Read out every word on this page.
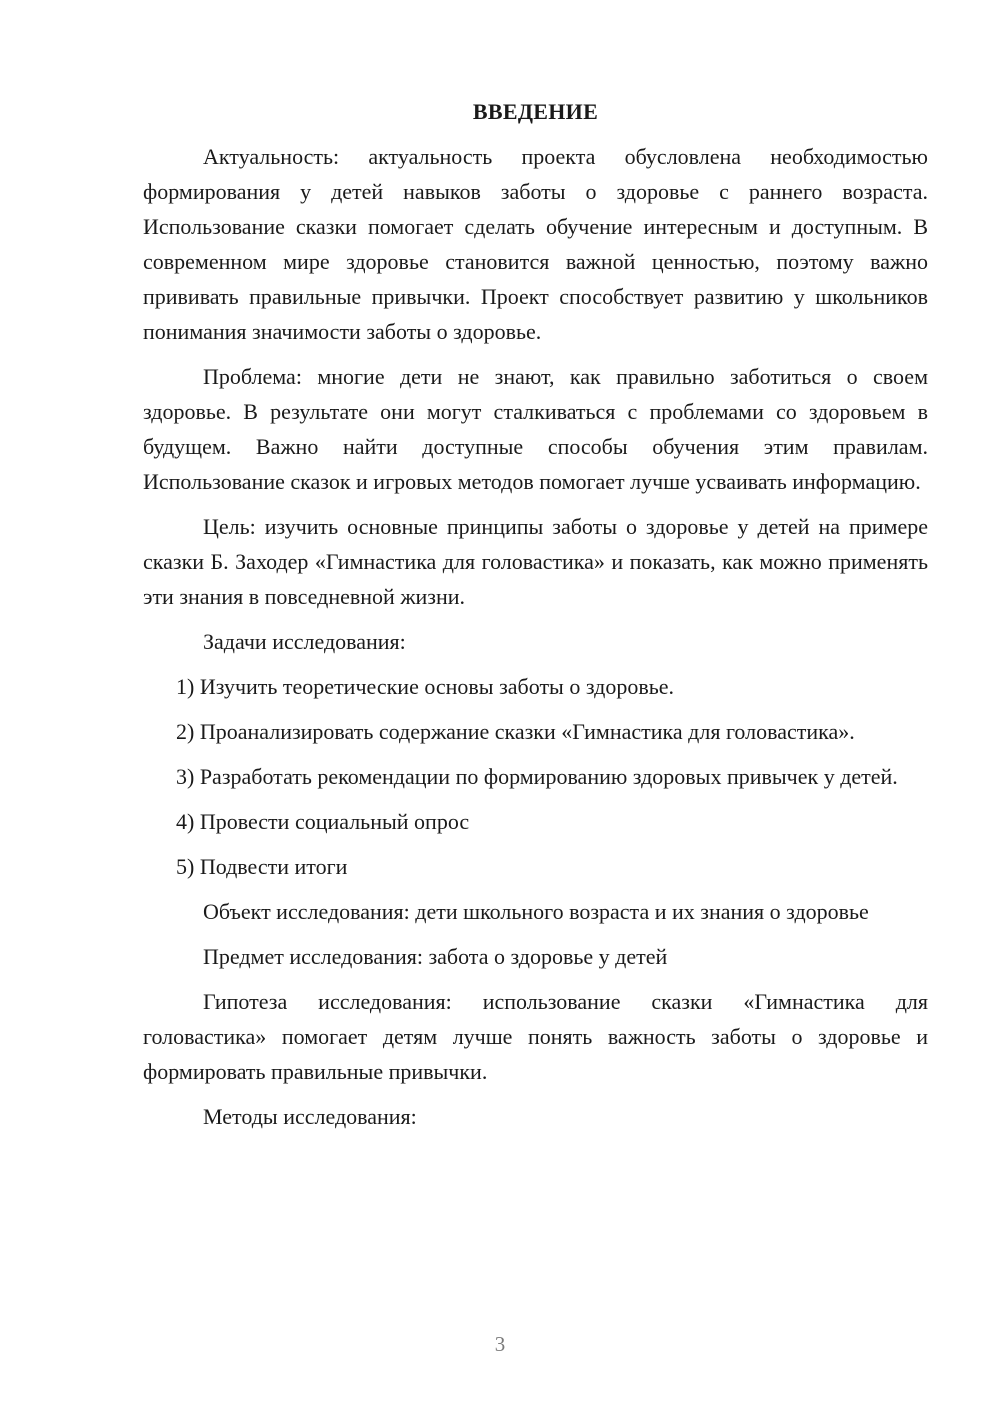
ВВЕДЕНИЕ

Актуальность: актуальность проекта обусловлена необходимостью формирования у детей навыков заботы о здоровье с раннего возраста. Использование сказки помогает сделать обучение интересным и доступным. В современном мире здоровье становится важной ценностью, поэтому важно прививать правильные привычки. Проект способствует развитию у школьников понимания значимости заботы о здоровье.

Проблема: многие дети не знают, как правильно заботиться о своем здоровье. В результате они могут сталкиваться с проблемами со здоровьем в будущем. Важно найти доступные способы обучения этим правилам. Использование сказок и игровых методов помогает лучше усваивать информацию.

Цель: изучить основные принципы заботы о здоровье у детей на примере сказки Б. Заходер «Гимнастика для головастика» и показать, как можно применять эти знания в повседневной жизни.

Задачи исследования:

1) Изучить теоретические основы заботы о здоровье.

2) Проанализировать содержание сказки «Гимнастика для головастика».

3) Разработать рекомендации по формированию здоровых привычек у детей.

4) Провести социальный опрос

5) Подвести итоги

Объект исследования: дети школьного возраста и их знания о здоровье

Предмет исследования: забота о здоровье у детей

Гипотеза исследования: использование сказки «Гимнастика для головастика» помогает детям лучше понять важность заботы о здоровье и формировать правильные привычки.

Методы исследования:

3
